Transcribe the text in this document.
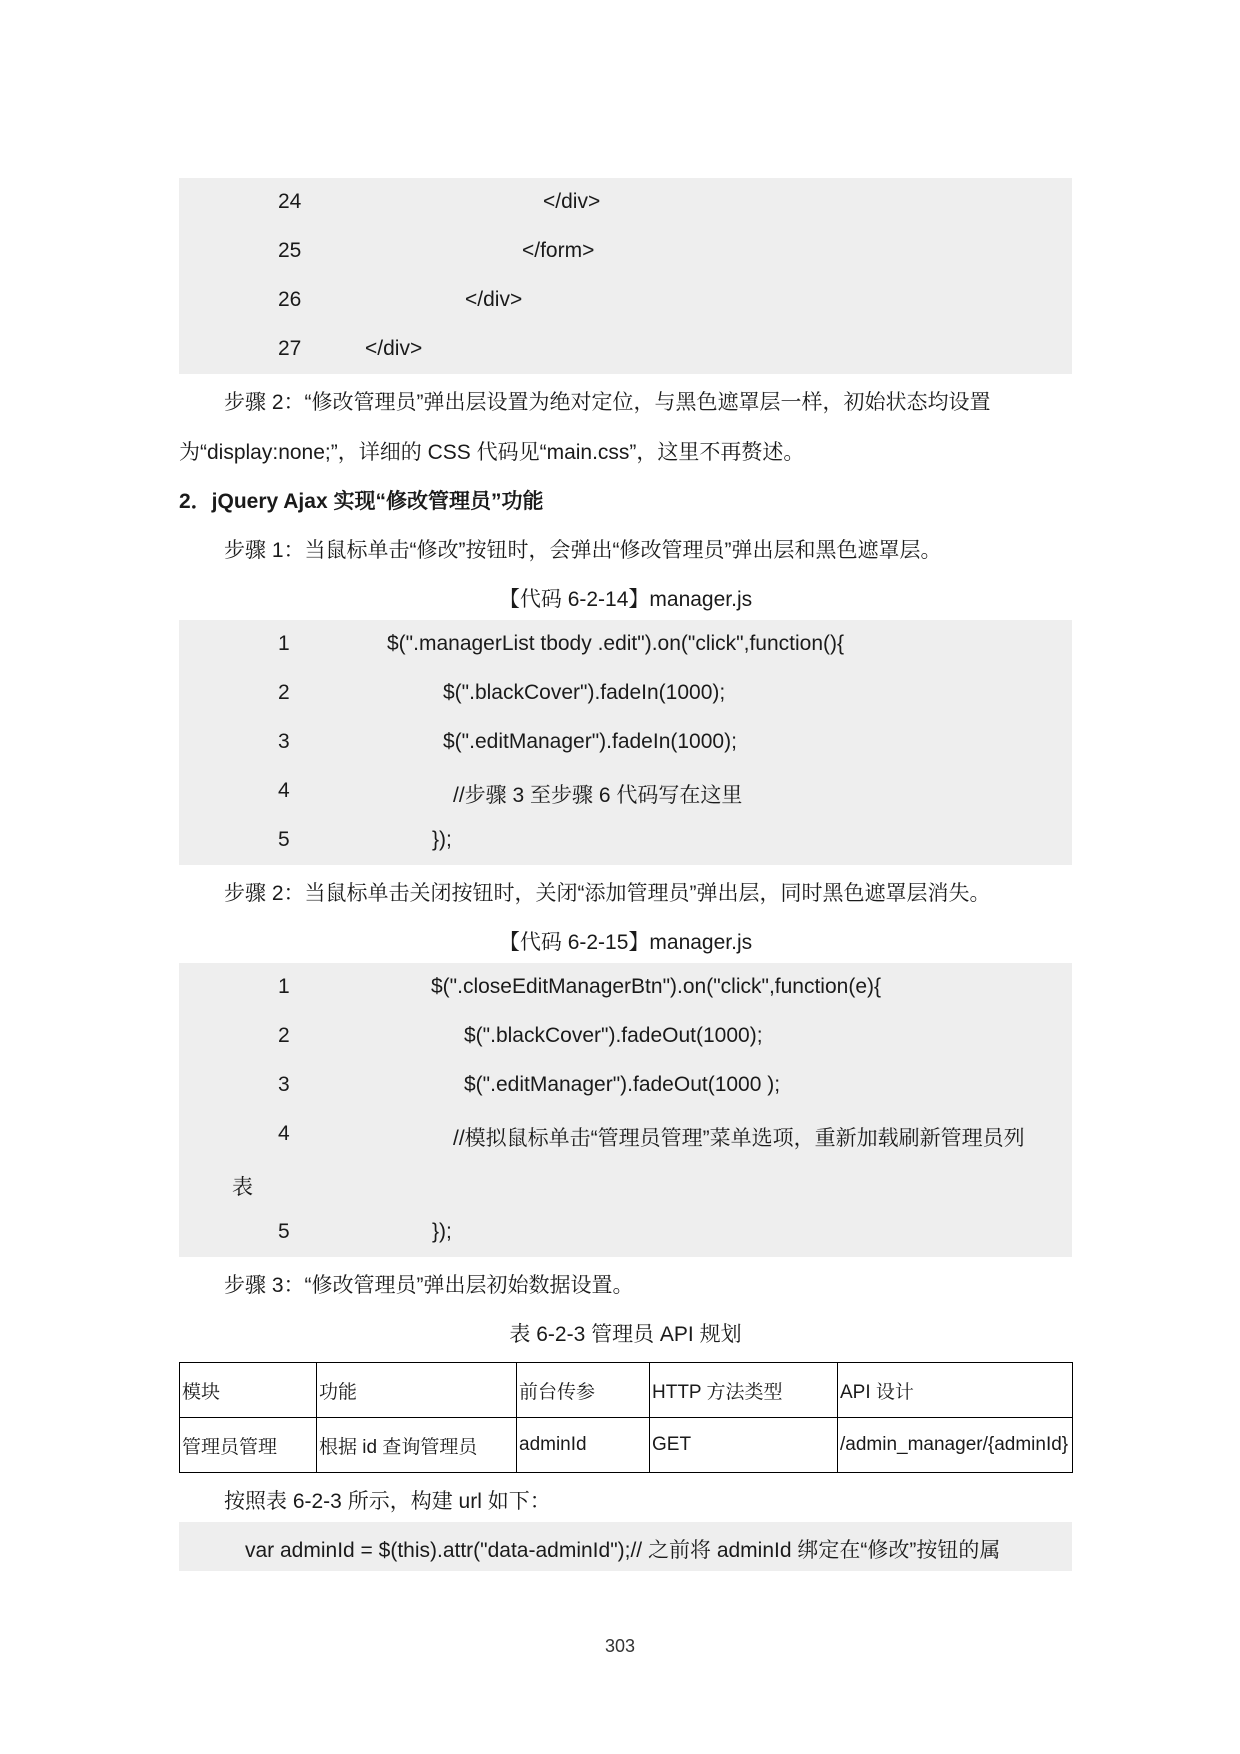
24	</div>
25	</form>
26	</div>
27	</div>
步骤 2：“修改管理员”弹出层设置为绝对定位，与黑色遮罩层一样，初始状态均设置
为“display:none;”，详细的 CSS 代码见“main.css”，这里不再赘述。
2．jQuery Ajax 实现“修改管理员”功能
步骤 1：当鼠标单击“修改”按钮时，会弹出“修改管理员”弹出层和黑色遮罩层。
【代码 6-2-14】manager.js
1	$(".managerList tbody .edit").on("click",function(){
2	$(".blackCover").fadeIn(1000);
3	$(".editManager").fadeIn(1000);
4	//步骤 3 至步骤 6 代码写在这里
5	});
步骤 2：当鼠标单击关闭按钮时，关闭“添加管理员”弹出层，同时黑色遮罩层消失。
【代码 6-2-15】manager.js
1	$(".closeEditManagerBtn").on("click",function(e){
2	$(".blackCover").fadeOut(1000);
3	$(".editManager").fadeOut(1000 );
4	//模拟鼠标单击“管理员管理”菜单选项，重新加载刷新管理员列
表
5	});
步骤 3：“修改管理员”弹出层初始数据设置。
表 6-2-3 管理员 API 规划
模块	功能	前台传参	HTTP 方法类型	API 设计
管理员管理	根据 id 查询管理员	adminId	GET	/admin_manager/{adminId}
按照表 6-2-3 所示，构建 url 如下：
var adminId = $(this).attr("data-adminId");// 之前将 adminId 绑定在“修改”按钮的属
303
